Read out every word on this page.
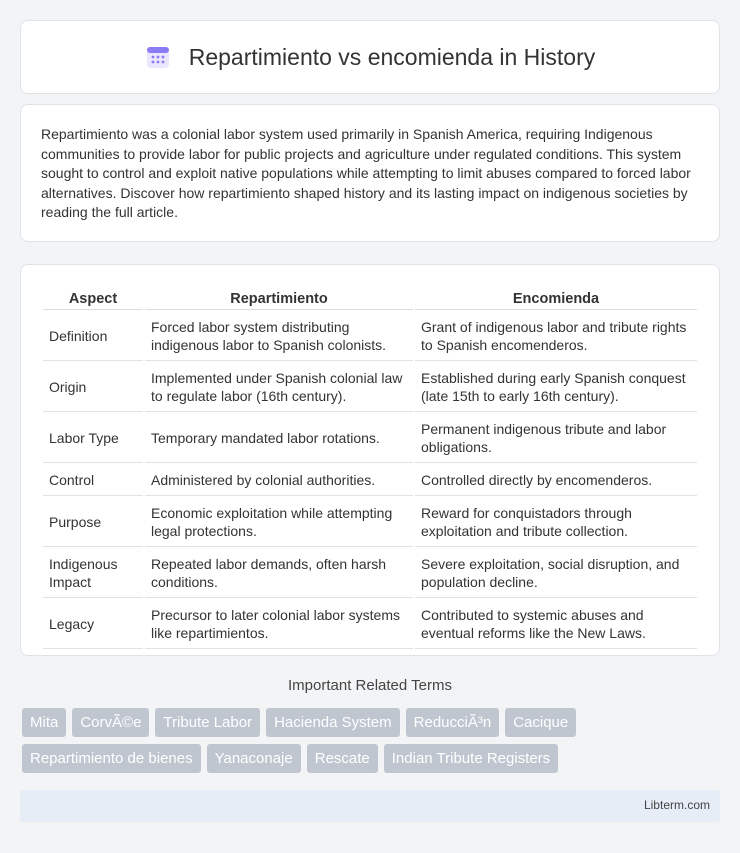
Repartimiento vs encomienda in History

Repartimiento was a colonial labor system used primarily in Spanish America, requiring Indigenous communities to provide labor for public projects and agriculture under regulated conditions. This system sought to control and exploit native populations while attempting to limit abuses compared to forced labor alternatives. Discover how repartimiento shaped history and its lasting impact on indigenous societies by reading the full article.

Aspect	Repartimiento	Encomienda
Definition	Forced labor system distributing indigenous labor to Spanish colonists.	Grant of indigenous labor and tribute rights to Spanish encomenderos.
Origin	Implemented under Spanish colonial law to regulate labor (16th century).	Established during early Spanish conquest (late 15th to early 16th century).
Labor Type	Temporary mandated labor rotations.	Permanent indigenous tribute and labor obligations.
Control	Administered by colonial authorities.	Controlled directly by encomenderos.
Purpose	Economic exploitation while attempting legal protections.	Reward for conquistadors through exploitation and tribute collection.
Indigenous Impact	Repeated labor demands, often harsh conditions.	Severe exploitation, social disruption, and population decline.
Legacy	Precursor to later colonial labor systems like repartimientos.	Contributed to systemic abuses and eventual reforms like the New Laws.
Important Related Terms
Mita	CorvÃ©e	Tribute Labor	Hacienda System	ReducciÃ³n	Cacique
Repartimiento de bienes	Yanaconaje	Rescate	Indian Tribute Registers
Libterm.com
